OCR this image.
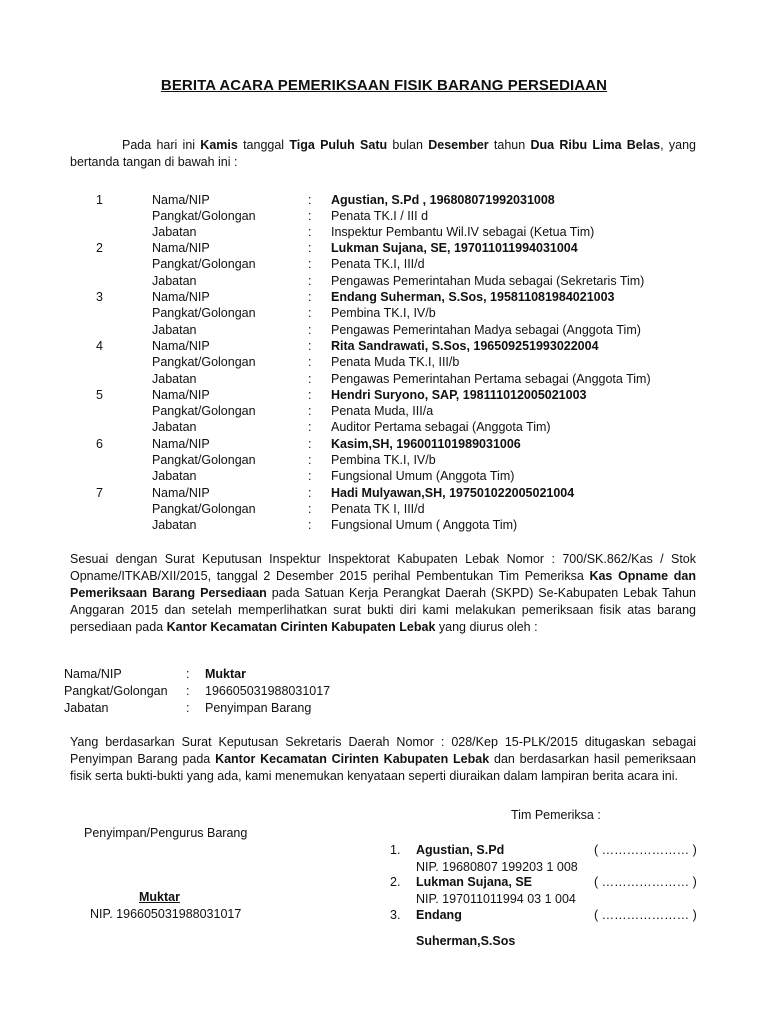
BERITA ACARA PEMERIKSAAN FISIK BARANG PERSEDIAAN
Pada hari ini Kamis tanggal Tiga Puluh Satu bulan Desember tahun Dua Ribu Lima Belas, yang bertanda tangan di bawah ini :
1	Nama/NIP	: Agustian, S.Pd , 196808071992031008
Pangkat/Golongan	: Penata TK.I / III d
Jabatan	: Inspektur Pembantu Wil.IV sebagai (Ketua Tim)
2	Nama/NIP	: Lukman Sujana, SE, 197011011994031004
Pangkat/Golongan	: Penata TK.I, III/d
Jabatan	: Pengawas Pemerintahan Muda sebagai (Sekretaris Tim)
3	Nama/NIP	: Endang Suherman, S.Sos, 195811081984021003
Pangkat/Golongan	: Pembina TK.I, IV/b
Jabatan	: Pengawas Pemerintahan Madya sebagai (Anggota Tim)
4	Nama/NIP	: Rita Sandrawati, S.Sos, 196509251993022004
Pangkat/Golongan	: Penata Muda TK.I, III/b
Jabatan	: Pengawas Pemerintahan Pertama sebagai (Anggota Tim)
5	Nama/NIP	: Hendri Suryono, SAP, 198111012005021003
Pangkat/Golongan	: Penata Muda, III/a
Jabatan	: Auditor Pertama sebagai (Anggota Tim)
6	Nama/NIP	: Kasim,SH, 196001101989031006
Pangkat/Golongan	: Pembina TK.I, IV/b
Jabatan	: Fungsional Umum (Anggota Tim)
7	Nama/NIP	: Hadi Mulyawan,SH, 197501022005021004
Pangkat/Golongan	: Penata TK I, III/d
Jabatan	: Fungsional Umum ( Anggota Tim)
Sesuai dengan Surat Keputusan Inspektur Inspektorat Kabupaten Lebak Nomor : 700/SK.862/Kas / Stok Opname/ITKAB/XII/2015, tanggal 2 Desember 2015 perihal Pembentukan Tim Pemeriksa Kas Opname dan Pemeriksaan Barang Persediaan pada Satuan Kerja Perangkat Daerah (SKPD) Se-Kabupaten Lebak Tahun Anggaran 2015 dan setelah memperlihatkan surat bukti diri kami melakukan pemeriksaan fisik atas barang persediaan pada Kantor Kecamatan Cirinten Kabupaten Lebak yang diurus oleh :
Nama/NIP	: Muktar
Pangkat/Golongan : 196605031988031017
Jabatan	: Penyimpan Barang
Yang berdasarkan Surat Keputusan Sekretaris Daerah Nomor : 028/Kep 15-PLK/2015 ditugaskan sebagai Penyimpan Barang pada Kantor Kecamatan Cirinten Kabupaten Lebak dan berdasarkan hasil pemeriksaan fisik serta bukti-bukti yang ada, kami menemukan kenyataan seperti diuraikan dalam lampiran berita acara ini.
Tim Pemeriksa :
Penyimpan/Pengurus Barang
Muktar
NIP. 196605031988031017
1. Agustian, S.Pd	( ………………… )
NIP. 19680807 199203 1 008
2. Lukman Sujana, SE	( ………………… )
NIP. 197011011994 03 1 004
3. Endang	( ………………… )
Suherman,S.Sos
